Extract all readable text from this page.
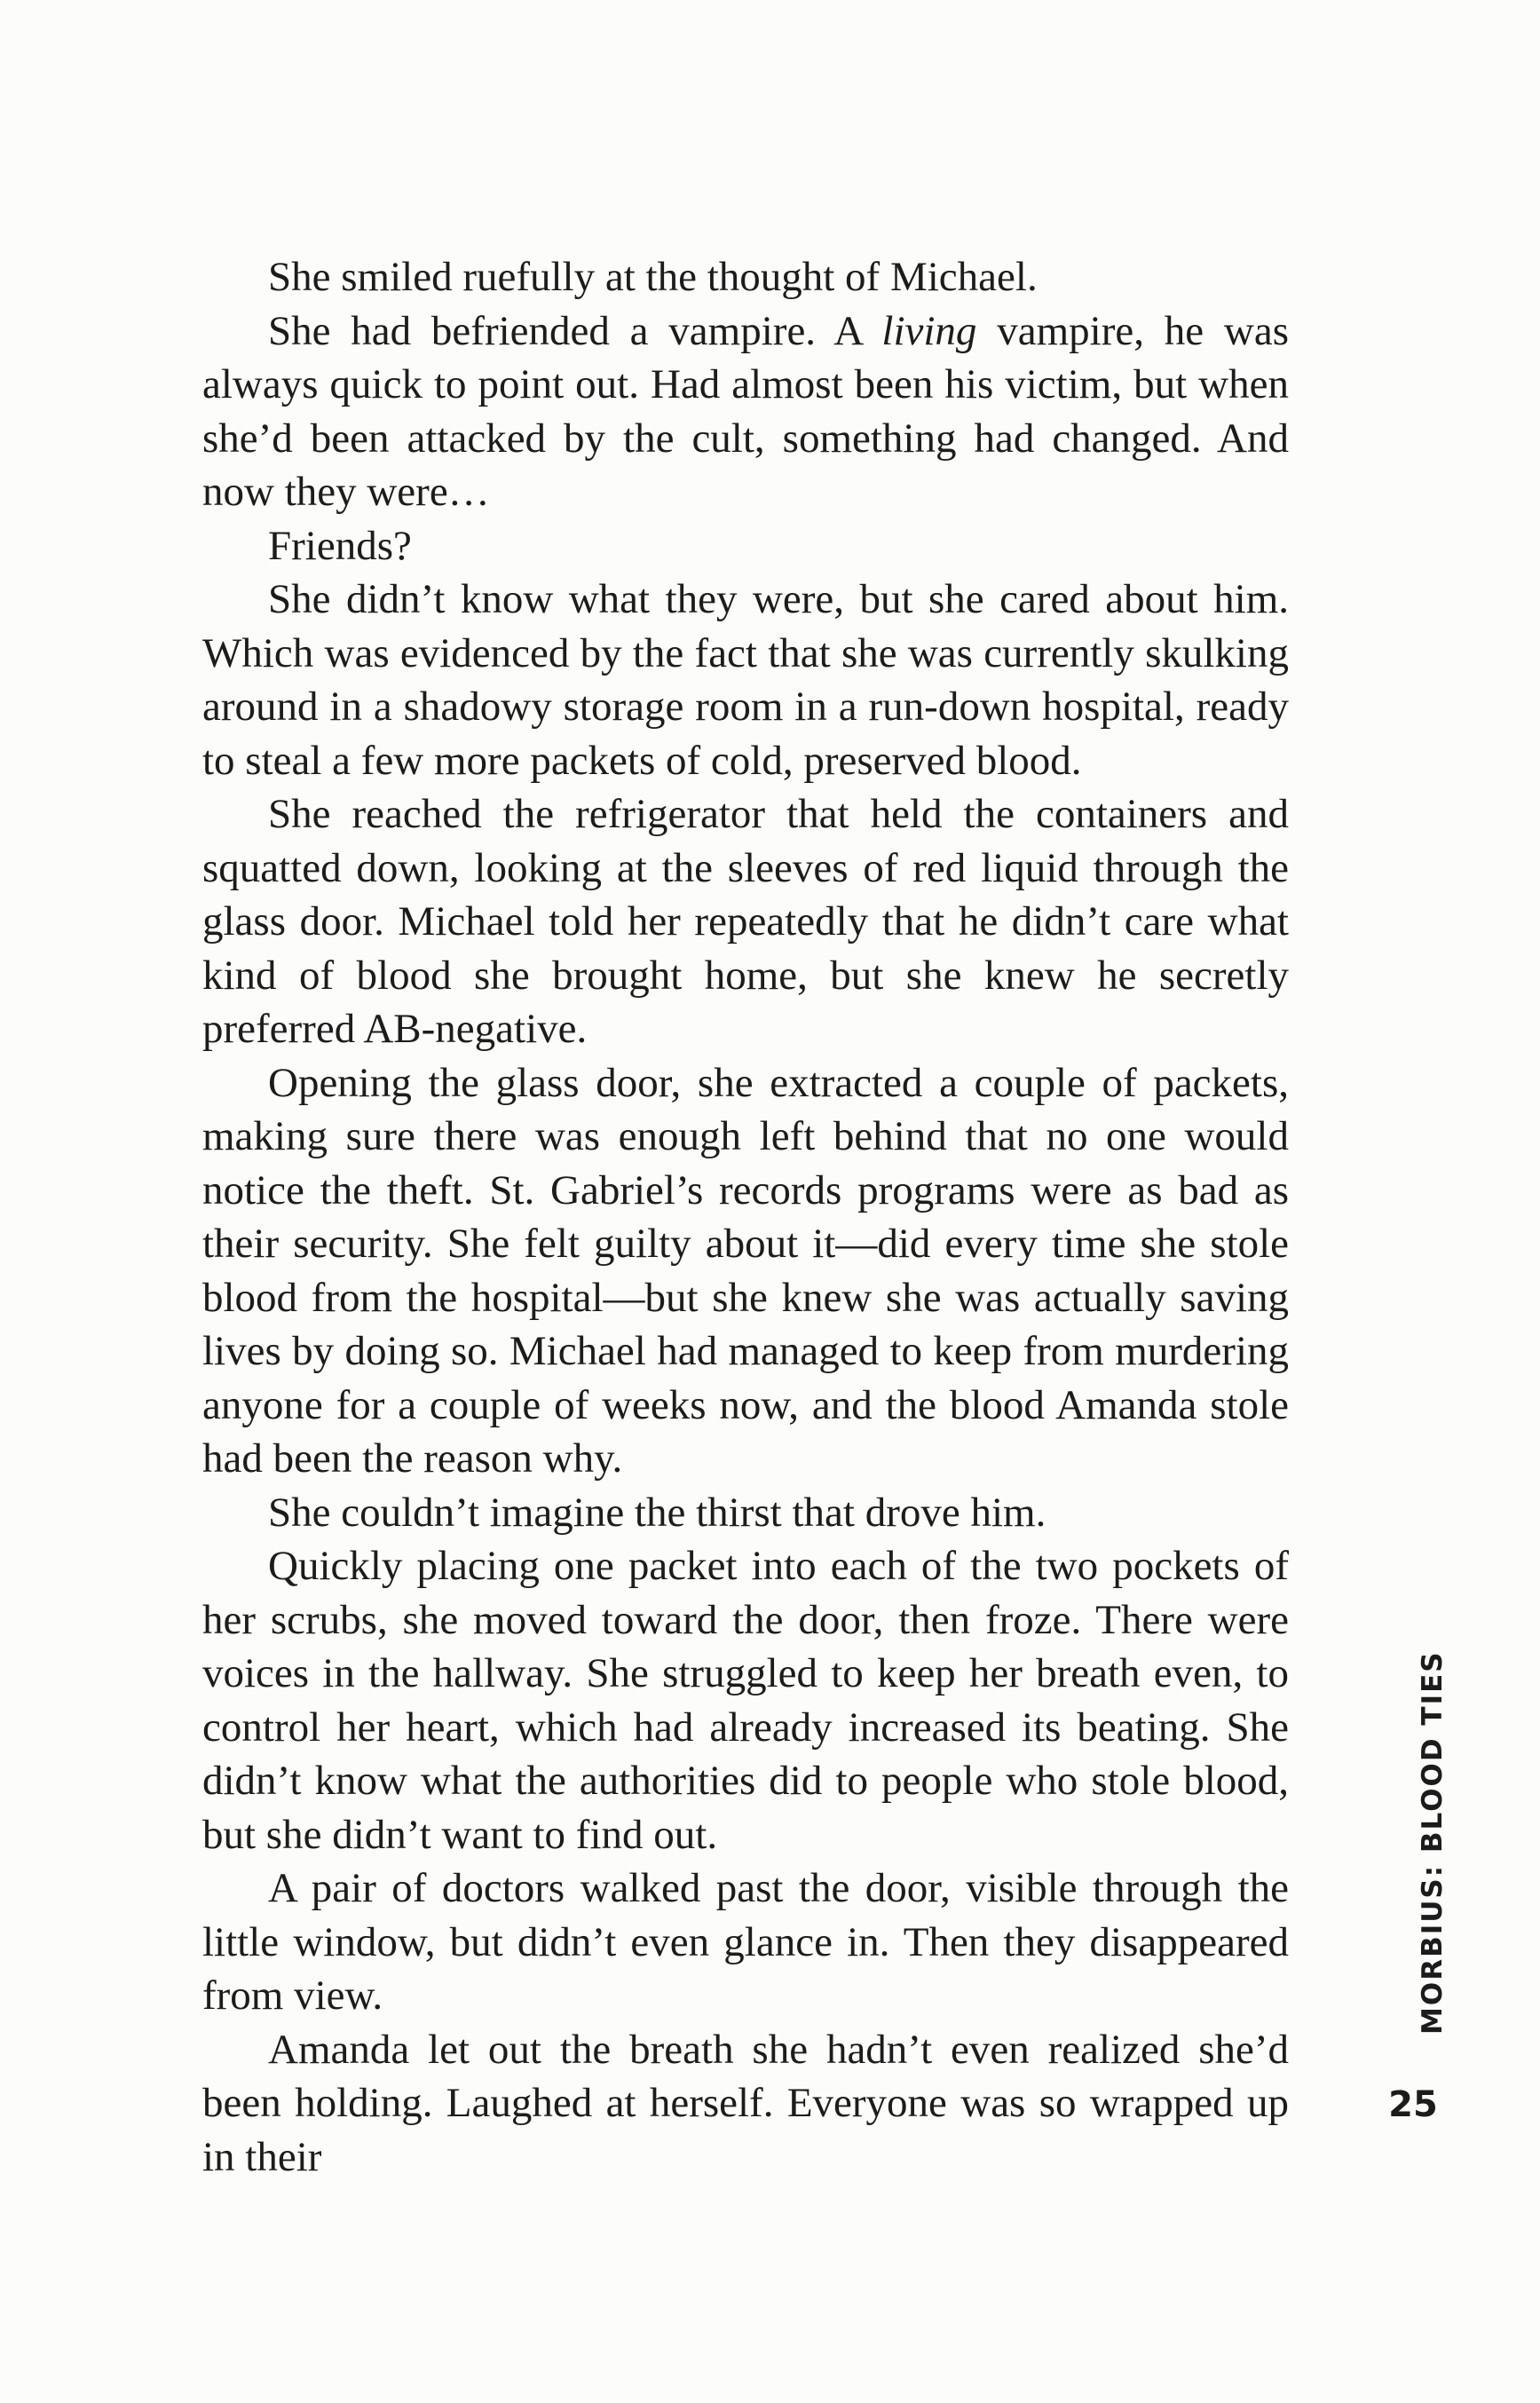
She smiled ruefully at the thought of Michael.

She had befriended a vampire. A living vampire, he was always quick to point out. Had almost been his victim, but when she’d been attacked by the cult, something had changed. And now they were…

Friends?

She didn’t know what they were, but she cared about him. Which was evidenced by the fact that she was currently skulking around in a shadowy storage room in a run-down hospital, ready to steal a few more packets of cold, preserved blood.

She reached the refrigerator that held the containers and squatted down, looking at the sleeves of red liquid through the glass door. Michael told her repeatedly that he didn’t care what kind of blood she brought home, but she knew he secretly preferred AB-negative.

Opening the glass door, she extracted a couple of packets, making sure there was enough left behind that no one would notice the theft. St. Gabriel’s records programs were as bad as their security. She felt guilty about it—did every time she stole blood from the hospital—but she knew she was actually saving lives by doing so. Michael had managed to keep from murdering anyone for a couple of weeks now, and the blood Amanda stole had been the reason why.

She couldn’t imagine the thirst that drove him.

Quickly placing one packet into each of the two pockets of her scrubs, she moved toward the door, then froze. There were voices in the hallway. She struggled to keep her breath even, to control her heart, which had already increased its beating. She didn’t know what the authorities did to people who stole blood, but she didn’t want to find out.

A pair of doctors walked past the door, visible through the little window, but didn’t even glance in. Then they disappeared from view.

Amanda let out the breath she hadn’t even realized she’d been holding. Laughed at herself. Everyone was so wrapped up in their

MORBIUS: BLOOD TIES
25
